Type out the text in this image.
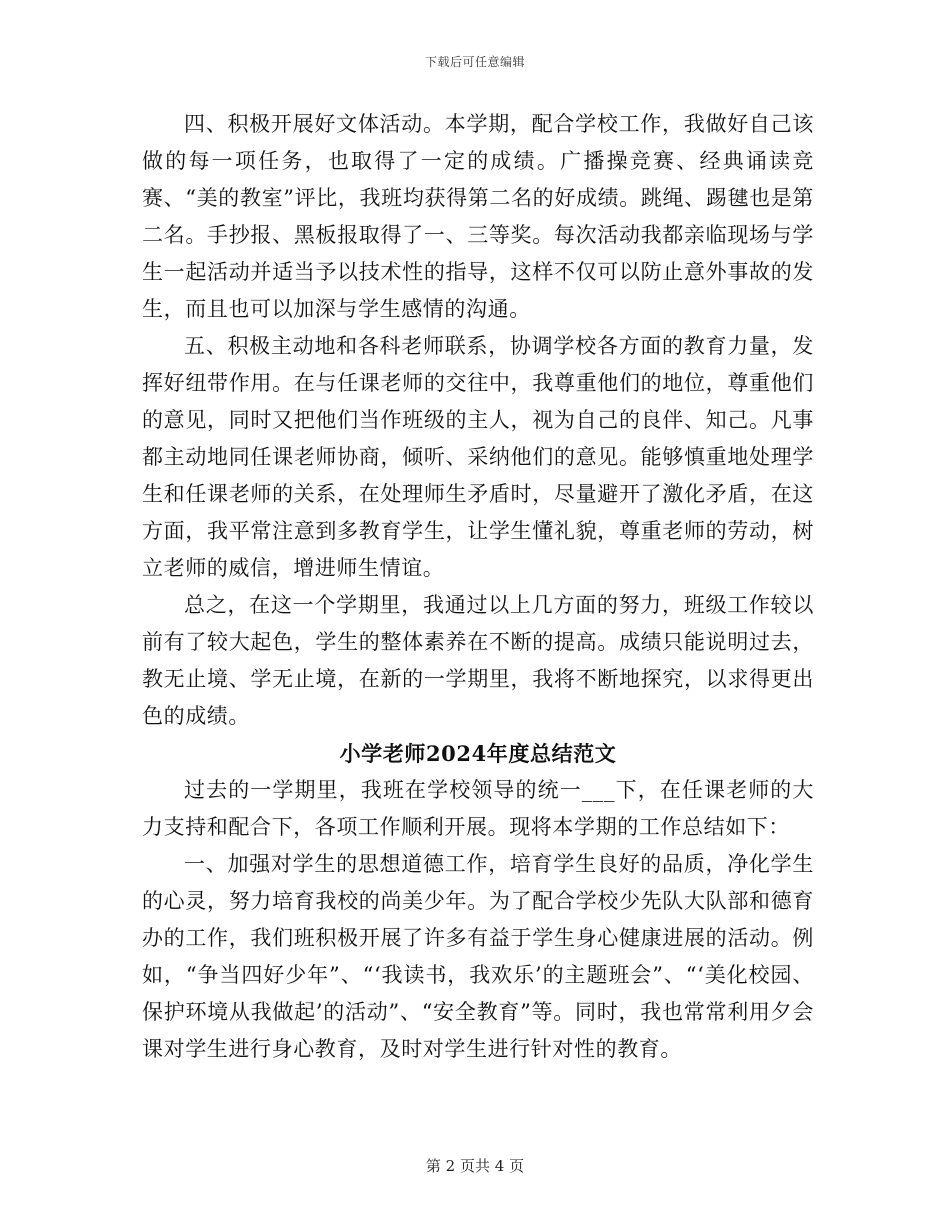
下载后可任意编辑

四、积极开展好文体活动。本学期，配合学校工作，我做好自己该做的每一项任务，也取得了一定的成绩。广播操竞赛、经典诵读竞赛、“美的教室”评比，我班均获得第二名的好成绩。跳绳、踢毽也是第二名。手抄报、黑板报取得了一、三等奖。每次活动我都亲临现场与学生一起活动并适当予以技术性的指导，这样不仅可以防止意外事故的发生，而且也可以加深与学生感情的沟通。

五、积极主动地和各科老师联系，协调学校各方面的教育力量，发挥好纽带作用。在与任课老师的交往中，我尊重他们的地位，尊重他们的意见，同时又把他们当作班级的主人，视为自己的良伴、知己。凡事都主动地同任课老师协商，倾听、采纳他们的意见。能够慎重地处理学生和任课老师的关系，在处理师生矛盾时，尽量避开了激化矛盾，在这方面，我平常注意到多教育学生，让学生懂礼貌，尊重老师的劳动，树立老师的威信，增进师生情谊。

总之，在这一个学期里，我通过以上几方面的努力，班级工作较以前有了较大起色，学生的整体素养在不断的提高。成绩只能说明过去，教无止境、学无止境，在新的一学期里，我将不断地探究，以求得更出色的成绩。

小学老师2024年度总结范文

过去的一学期里，我班在学校领导的统一___下，在任课老师的大力支持和配合下，各项工作顺利开展。现将本学期的工作总结如下：

一、加强对学生的思想道德工作，培育学生良好的品质，净化学生的心灵，努力培育我校的尚美少年。为了配合学校少先队大队部和德育办的工作，我们班积极开展了许多有益于学生身心健康进展的活动。例如，“争当四好少年”、“‘我读书，我欢乐’的主题班会”、“‘美化校园、保护环境从我做起’的活动”、“安全教育”等。同时，我也常常利用夕会课对学生进行身心教育，及时对学生进行针对性的教育。

第 2 页共 4 页
